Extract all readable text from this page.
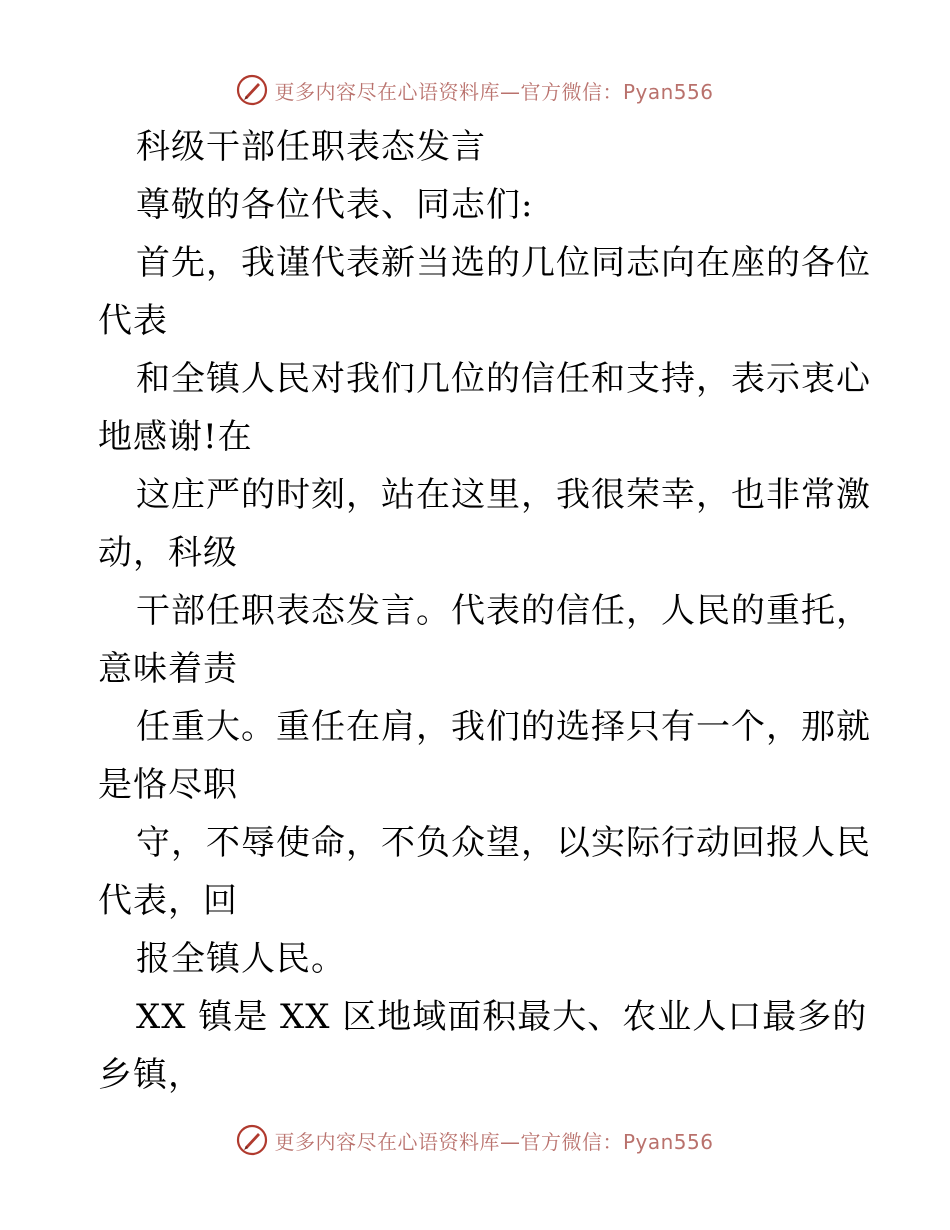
更多内容尽在心语资料库—官方微信：Pyan556
科级干部任职表态发言
尊敬的各位代表、同志们:
首先，我谨代表新当选的几位同志向在座的各位
代表
和全镇人民对我们几位的信任和支持，表示衷心
地感谢!在
这庄严的时刻，站在这里，我很荣幸，也非常激
动，科级
干部任职表态发言。代表的信任，人民的重托，
意味着责
任重大。重任在肩，我们的选择只有一个，那就
是恪尽职
守，不辱使命，不负众望，以实际行动回报人民
代表，回
报全镇人民。
XX 镇是 XX 区地域面积最大、农业人口最多的
乡镇，
更多内容尽在心语资料库—官方微信：Pyan556
